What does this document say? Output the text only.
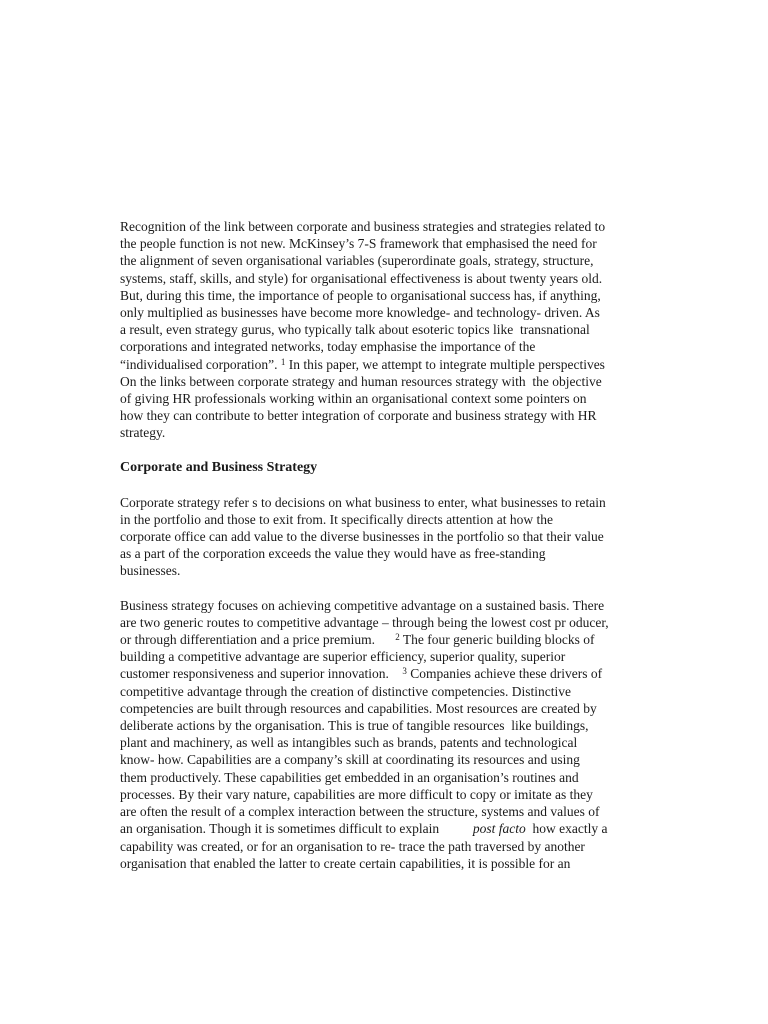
Recognition of the link between corporate and business strategies and strategies related to
the people function is not new. McKinsey’s 7-S framework that emphasised the need for
the alignment of seven organisational variables (superordinate goals, strategy, structure,
systems, staff, skills, and style) for organisational effectiveness is about twenty years old.
But, during this time, the importance of people to organisational success has, if anything,
only multiplied as businesses have become more knowledge- and technology- driven. As
a result, even strategy gurus, who typically talk about esoteric topics like  transnational
corporations and integrated networks, today emphasise the importance of the
“individualised corporation”. $^1$ In this paper, we attempt to integrate multiple perspectives
On the links between corporate strategy and human resources strategy with  the objective
of giving HR professionals working within an organisational context some pointers on
how they can contribute to better integration of corporate and business strategy with HR
strategy.

Corporate and Business Strategy

Corporate strategy refer s to decisions on what business to enter, what businesses to retain
in the portfolio and those to exit from. It specifically directs attention at how the
corporate office can add value to the diverse businesses in the portfolio so that their value
as a part of the corporation exceeds the value they would have as free-standing
businesses.

Business strategy focuses on achieving competitive advantage on a sustained basis. There
are two generic routes to competitive advantage – through being the lowest cost pr oducer,
or through differentiation and a price premium.      $^2$ The four generic building blocks of
building a competitive advantage are superior efficiency, superior quality, superior
customer responsiveness and superior innovation.    $^3$ Companies achieve these drivers of
competitive advantage through the creation of distinctive competencies. Distinctive
competencies are built through resources and capabilities. Most resources are created by
deliberate actions by the organisation. This is true of tangible resources  like buildings,
plant and machinery, as well as intangibles such as brands, patents and technological
know- how. Capabilities are a company’s skill at coordinating its resources and using
them productively. These capabilities get embedded in an organisation’s routines and
processes. By their vary nature, capabilities are more difficult to copy or imitate as they
are often the result of a complex interaction between the structure, systems and values of
an organisation. Though it is sometimes difficult to explain          post facto  how exactly a
capability was created, or for an organisation to re- trace the path traversed by another
organisation that enabled the latter to create certain capabilities, it is possible for an
